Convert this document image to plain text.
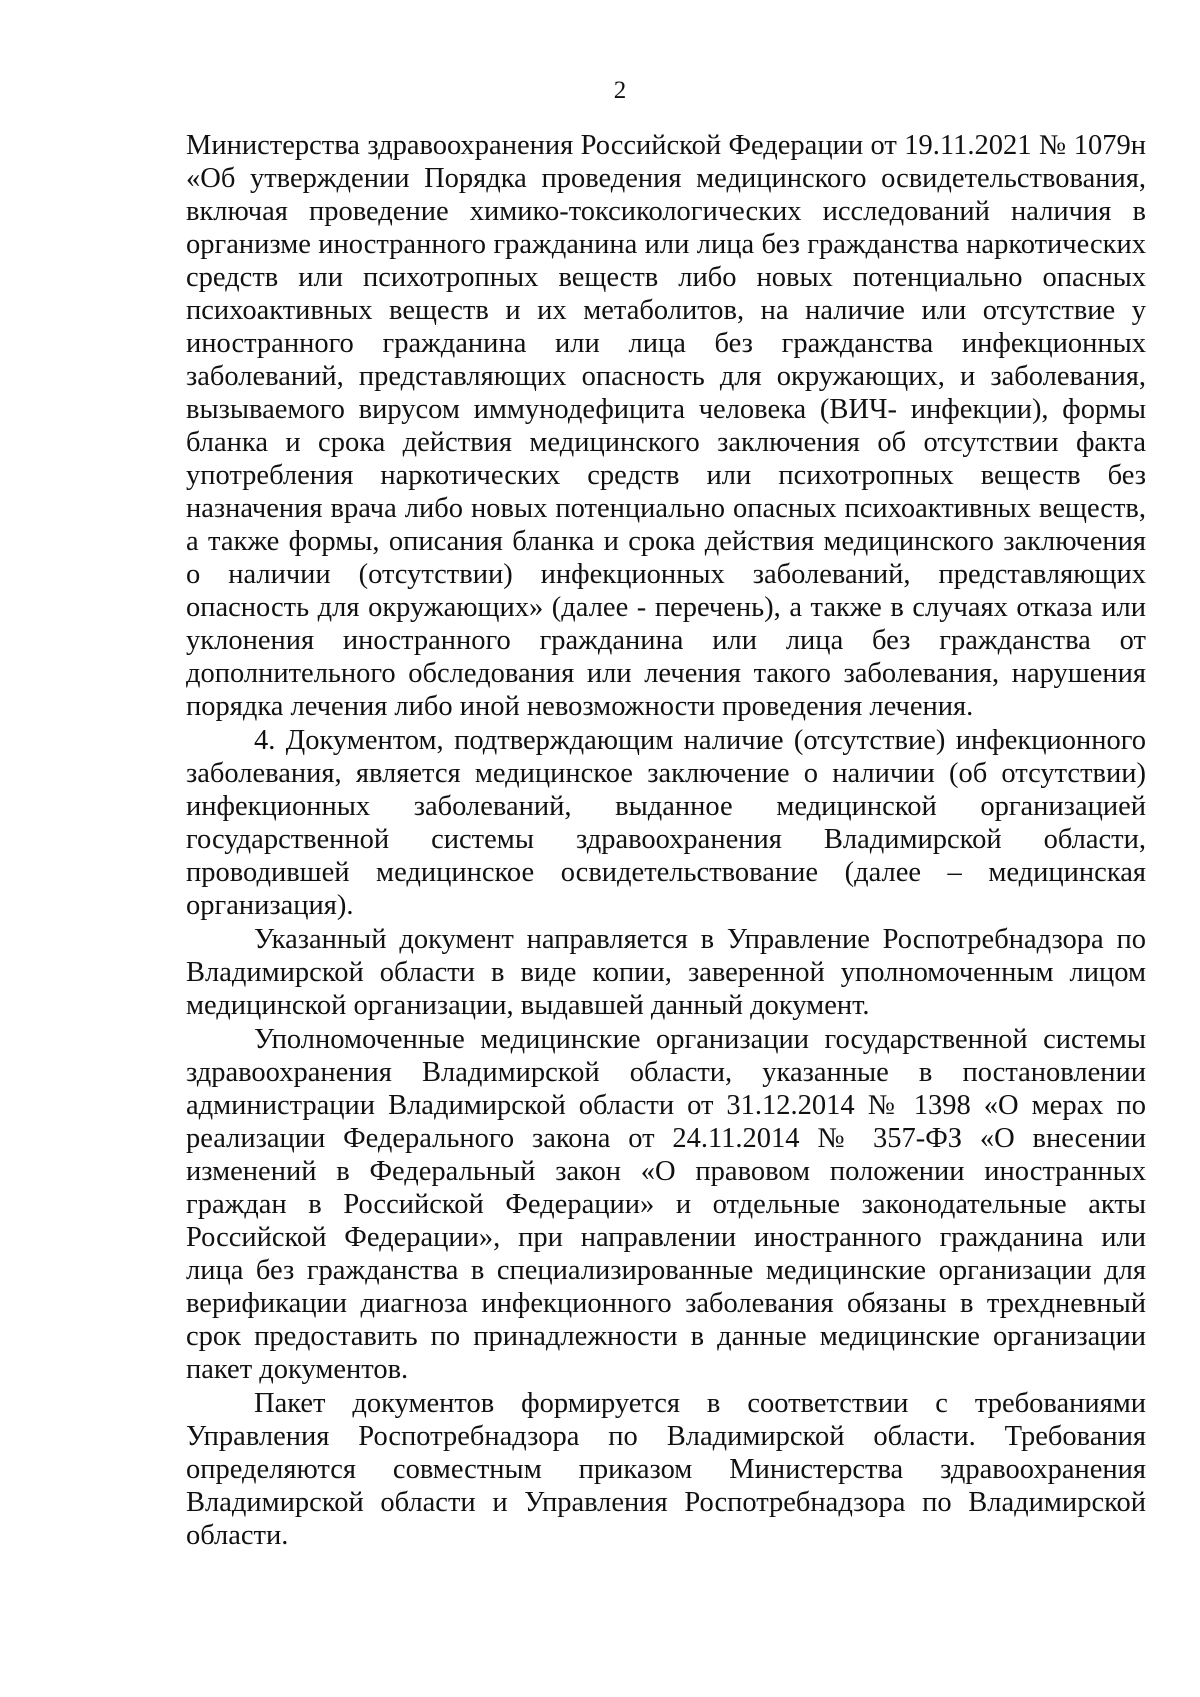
2

Министерства здравоохранения Российской Федерации от 19.11.2021 № 1079н «Об утверждении Порядка проведения медицинского освидетельствования, включая проведение химико-токсикологических исследований наличия в организме иностранного гражданина или лица без гражданства наркотических средств или психотропных веществ либо новых потенциально опасных психоактивных веществ и их метаболитов, на наличие или отсутствие у иностранного гражданина или лица без гражданства инфекционных заболеваний, представляющих опасность для окружающих, и заболевания, вызываемого вирусом иммунодефицита человека (ВИЧ- инфекции), формы бланка и срока действия медицинского заключения об отсутствии факта употребления наркотических средств или психотропных веществ без назначения врача либо новых потенциально опасных психоактивных веществ, а также формы, описания бланка и срока действия медицинского заключения о наличии (отсутствии) инфекционных заболеваний, представляющих опасность для окружающих» (далее - перечень), а также в случаях отказа или уклонения иностранного гражданина или лица без гражданства от дополнительного обследования или лечения такого заболевания, нарушения порядка лечения либо иной невозможности проведения лечения.

4. Документом, подтверждающим наличие (отсутствие) инфекционного заболевания, является медицинское заключение о наличии (об отсутствии) инфекционных заболеваний, выданное медицинской организацией государственной системы здравоохранения Владимирской области, проводившей медицинское освидетельствование (далее – медицинская организация).

Указанный документ направляется в Управление Роспотребнадзора по Владимирской области в виде копии, заверенной уполномоченным лицом медицинской организации, выдавшей данный документ.

Уполномоченные медицинские организации государственной системы здравоохранения Владимирской области, указанные в постановлении администрации Владимирской области от 31.12.2014 № 1398 «О мерах по реализации Федерального закона от 24.11.2014 № 357-ФЗ «О внесении изменений в Федеральный закон «О правовом положении иностранных граждан в Российской Федерации» и отдельные законодательные акты Российской Федерации», при направлении иностранного гражданина или лица без гражданства в специализированные медицинские организации для верификации диагноза инфекционного заболевания обязаны в трехдневный срок предоставить по принадлежности в данные медицинские организации пакет документов.

Пакет документов формируется в соответствии с требованиями Управления Роспотребнадзора по Владимирской области. Требования определяются совместным приказом Министерства здравоохранения Владимирской области и Управления Роспотребнадзора по Владимирской области.
